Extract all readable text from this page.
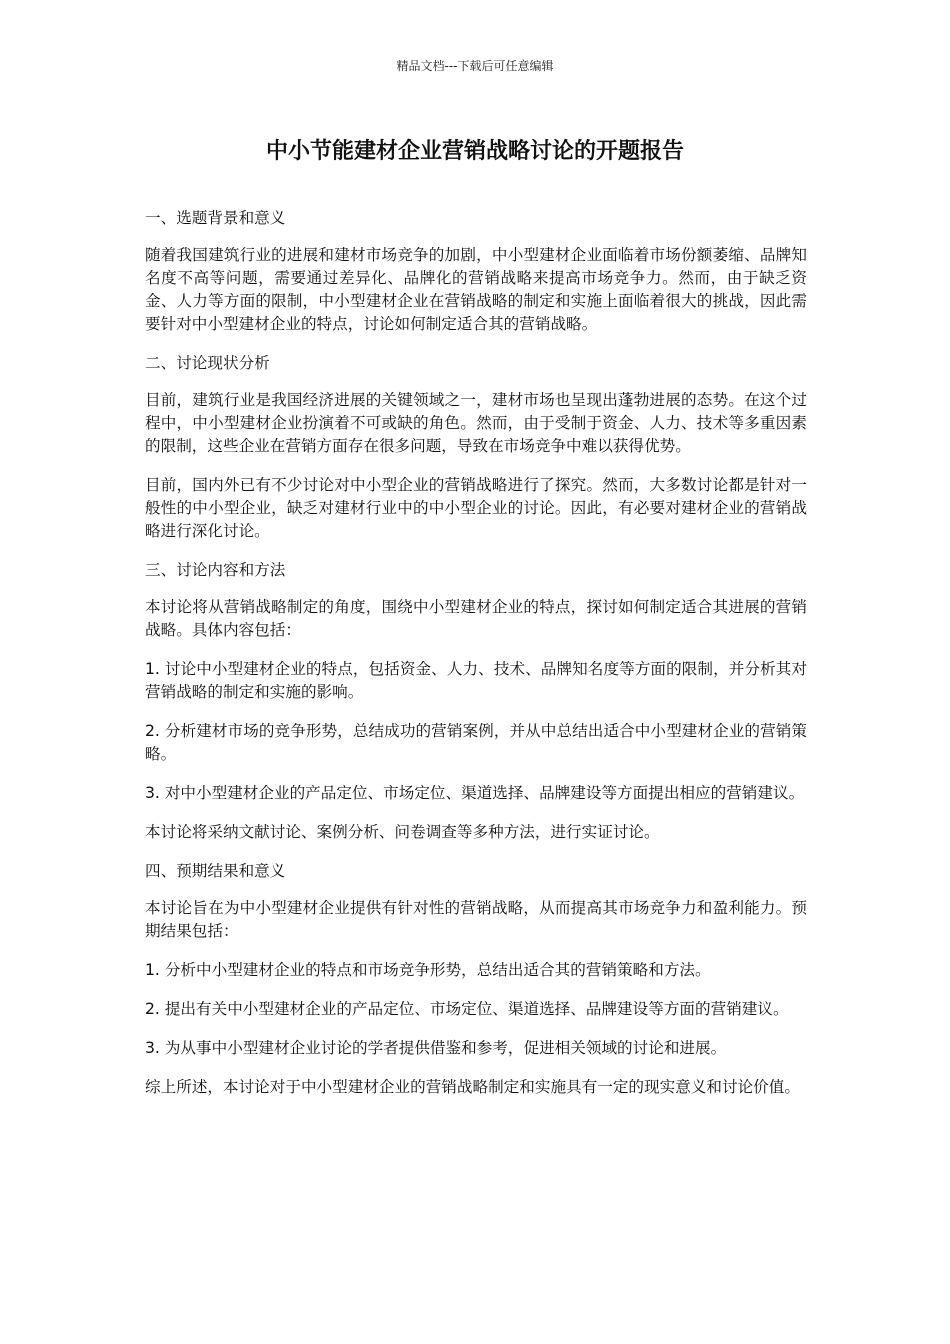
精品文档---下载后可任意编辑
中小节能建材企业营销战略讨论的开题报告

一、选题背景和意义

随着我国建筑行业的进展和建材市场竞争的加剧，中小型建材企业面临着市场份额萎缩、品牌知名度不高等问题，需要通过差异化、品牌化的营销战略来提高市场竞争力。然而，由于缺乏资金、人力等方面的限制，中小型建材企业在营销战略的制定和实施上面临着很大的挑战，因此需要针对中小型建材企业的特点，讨论如何制定适合其的营销战略。

二、讨论现状分析

目前，建筑行业是我国经济进展的关键领域之一，建材市场也呈现出蓬勃进展的态势。在这个过程中，中小型建材企业扮演着不可或缺的角色。然而，由于受制于资金、人力、技术等多重因素的限制，这些企业在营销方面存在很多问题，导致在市场竞争中难以获得优势。

目前，国内外已有不少讨论对中小型企业的营销战略进行了探究。然而，大多数讨论都是针对一般性的中小型企业，缺乏对建材行业中的中小型企业的讨论。因此，有必要对建材企业的营销战略进行深化讨论。

三、讨论内容和方法

本讨论将从营销战略制定的角度，围绕中小型建材企业的特点，探讨如何制定适合其进展的营销战略。具体内容包括：

1. 讨论中小型建材企业的特点，包括资金、人力、技术、品牌知名度等方面的限制，并分析其对营销战略的制定和实施的影响。

2. 分析建材市场的竞争形势，总结成功的营销案例，并从中总结出适合中小型建材企业的营销策略。

3. 对中小型建材企业的产品定位、市场定位、渠道选择、品牌建设等方面提出相应的营销建议。

本讨论将采纳文献讨论、案例分析、问卷调查等多种方法，进行实证讨论。

四、预期结果和意义

本讨论旨在为中小型建材企业提供有针对性的营销战略，从而提高其市场竞争力和盈利能力。预期结果包括：

1. 分析中小型建材企业的特点和市场竞争形势，总结出适合其的营销策略和方法。

2. 提出有关中小型建材企业的产品定位、市场定位、渠道选择、品牌建设等方面的营销建议。

3. 为从事中小型建材企业讨论的学者提供借鉴和参考，促进相关领域的讨论和进展。

综上所述，本讨论对于中小型建材企业的营销战略制定和实施具有一定的现实意义和讨论价值。
